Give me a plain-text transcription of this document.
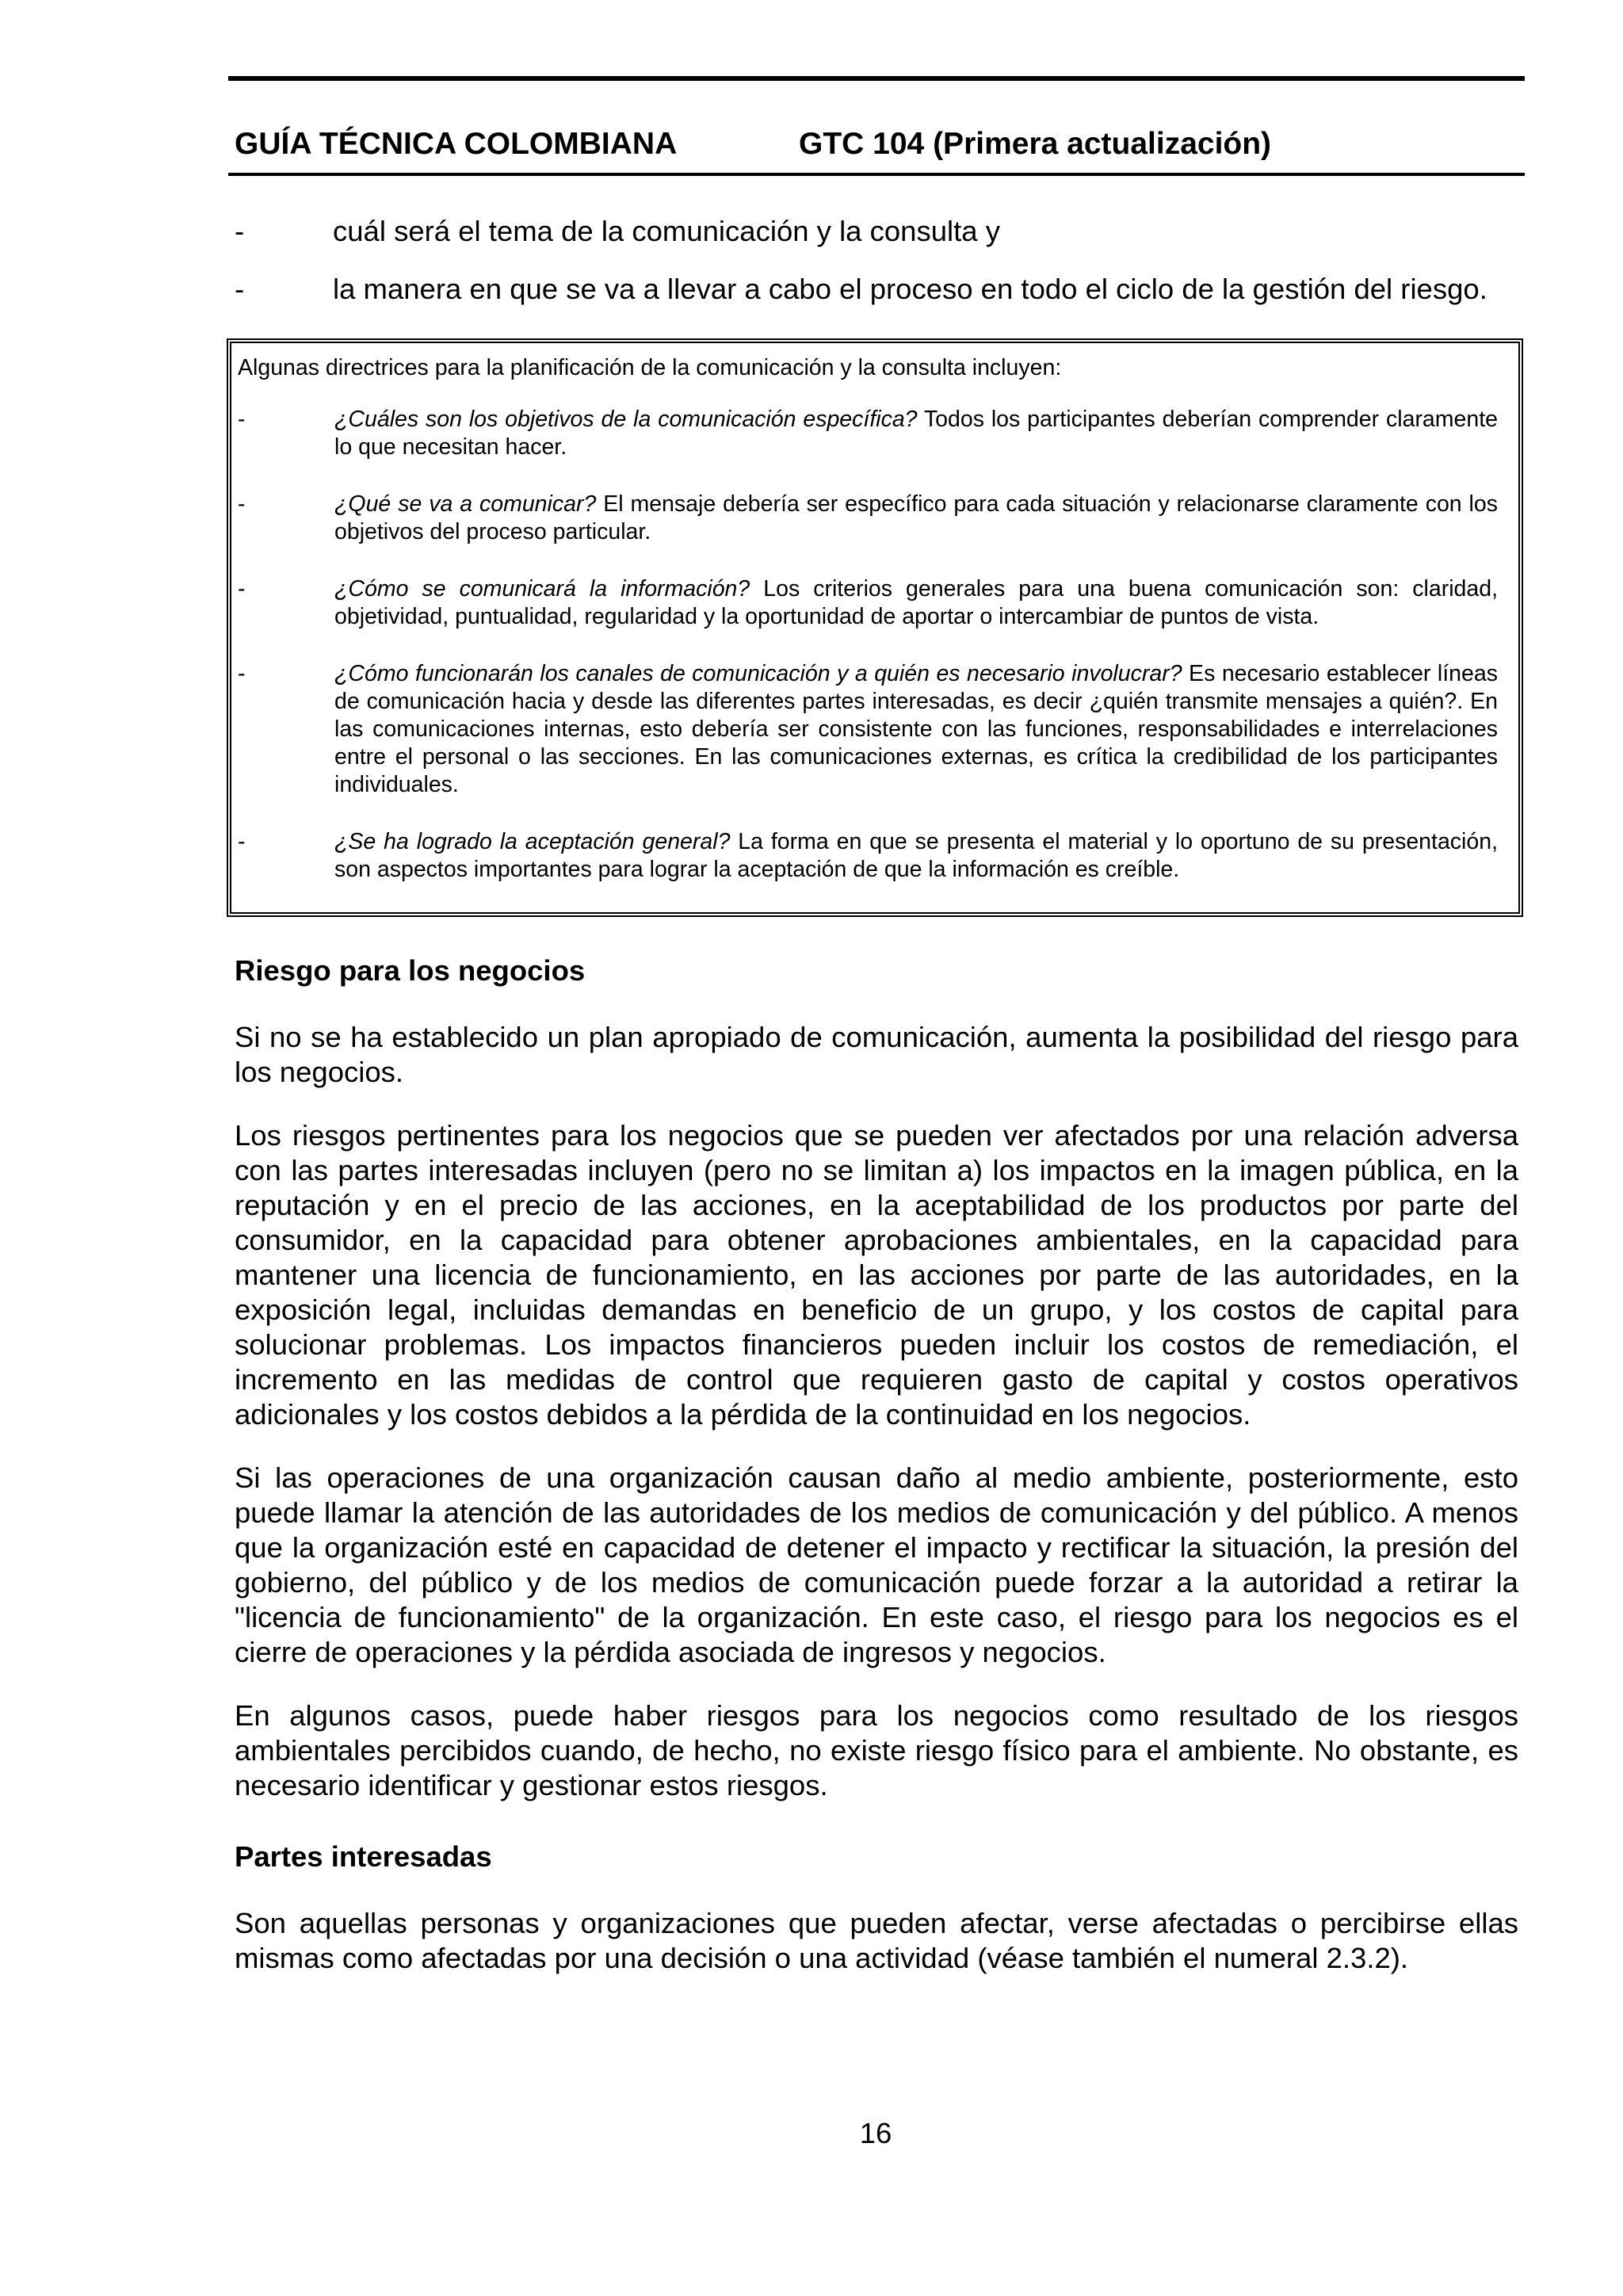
GUÍA TÉCNICA COLOMBIANA	GTC 104 (Primera actualización)
-	cuál será el tema de la comunicación y la consulta y
-	la manera en que se va a llevar a cabo el proceso en todo el ciclo de la gestión del riesgo.
Algunas directrices para la planificación de la comunicación y la consulta incluyen:
-	¿Cuáles son los objetivos de la comunicación específica? Todos los participantes deberían comprender claramente lo que necesitan hacer.
-	¿Qué se va a comunicar? El mensaje debería ser específico para cada situación y relacionarse claramente con los objetivos del proceso particular.
-	¿Cómo se comunicará la información? Los criterios generales para una buena comunicación son: claridad, objetividad, puntualidad, regularidad y la oportunidad de aportar o intercambiar de puntos de vista.
-	¿Cómo funcionarán los canales de comunicación y a quién es necesario involucrar? Es necesario establecer líneas de comunicación hacia y desde las diferentes partes interesadas, es decir ¿quién transmite mensajes a quién?. En las comunicaciones internas, esto debería ser consistente con las funciones, responsabilidades e interrelaciones entre el personal o las secciones. En las comunicaciones externas, es crítica la credibilidad de los participantes individuales.
-	¿Se ha logrado la aceptación general? La forma en que se presenta el material y lo oportuno de su presentación, son aspectos importantes para lograr la aceptación de que la información es creíble.
Riesgo para los negocios

Si no se ha establecido un plan apropiado de comunicación, aumenta la posibilidad del riesgo para los negocios.

Los riesgos pertinentes para los negocios que se pueden ver afectados por una relación adversa con las partes interesadas incluyen (pero no se limitan a) los impactos en la imagen pública, en la reputación y en el precio de las acciones, en la aceptabilidad de los productos por parte del consumidor, en la capacidad para obtener aprobaciones ambientales, en la capacidad para mantener una licencia de funcionamiento, en las acciones por parte de las autoridades, en la exposición legal, incluidas demandas en beneficio de un grupo, y los costos de capital para solucionar problemas. Los impactos financieros pueden incluir los costos de remediación, el incremento en las medidas de control que requieren gasto de capital y costos operativos adicionales y los costos debidos a la pérdida de la continuidad en los negocios.

Si las operaciones de una organización causan daño al medio ambiente, posteriormente, esto puede llamar la atención de las autoridades de los medios de comunicación y del público. A menos que la organización esté en capacidad de detener el impacto y rectificar la situación, la presión del gobierno, del público y de los medios de comunicación puede forzar a la autoridad a retirar la "licencia de funcionamiento" de la organización. En este caso, el riesgo para los negocios es el cierre de operaciones y la pérdida asociada de ingresos y negocios.

En algunos casos, puede haber riesgos para los negocios como resultado de los riesgos ambientales percibidos cuando, de hecho, no existe riesgo físico para el ambiente. No obstante, es necesario identificar y gestionar estos riesgos.

Partes interesadas

Son aquellas personas y organizaciones que pueden afectar, verse afectadas o percibirse ellas mismas como afectadas por una decisión o una actividad (véase también el numeral 2.3.2).

16
